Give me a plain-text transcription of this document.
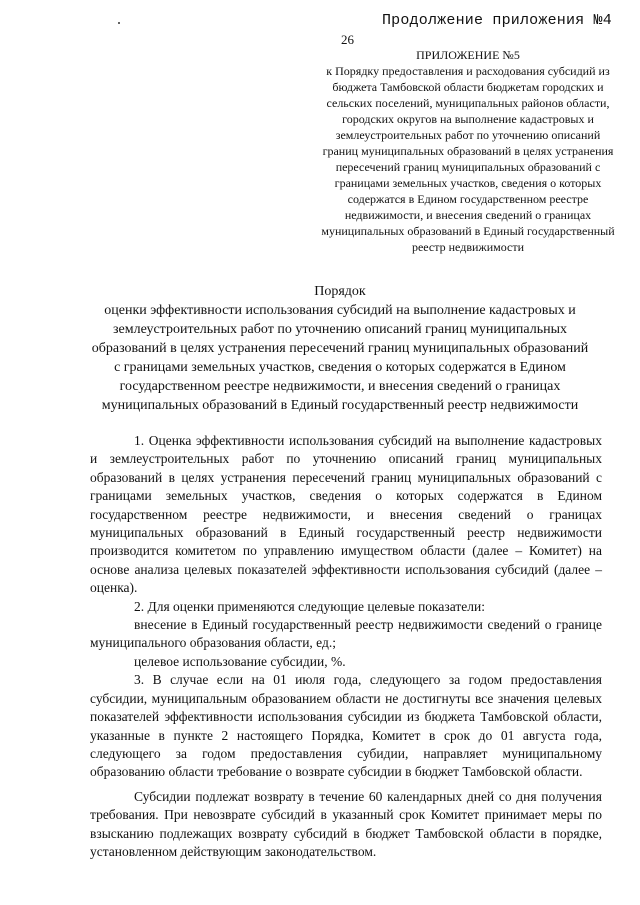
Продолжение приложения №4
26
ПРИЛОЖЕНИЕ №5
к Порядку предоставления и расходования субсидий из бюджета Тамбовской области бюджетам городских и сельских поселений, муниципальных районов области, городских округов на выполнение кадастровых и землеустроительных работ по уточнению описаний границ муниципальных образований в целях устранения пересечений границ муниципальных образований с границами земельных участков, сведения о которых содержатся в Едином государственном реестре недвижимости, и внесения сведений о границах муниципальных образований в Единый государственный реестр недвижимости
Порядок
оценки эффективности использования субсидий на выполнение кадастровых и землеустроительных работ по уточнению описаний границ муниципальных образований в целях устранения пересечений границ муниципальных образований с границами земельных участков, сведения о которых содержатся в Едином государственном реестре недвижимости, и внесения сведений о границах муниципальных образований в Единый государственный реестр недвижимости

1. Оценка эффективности использования субсидий на выполнение кадастровых и землеустроительных работ по уточнению описаний границ муниципальных образований в целях устранения пересечений границ муниципальных образований с границами земельных участков, сведения о которых содержатся в Едином государственном реестре недвижимости, и внесения сведений о границах муниципальных образований в Единый государственный реестр недвижимости производится комитетом по управлению имуществом области (далее – Комитет) на основе анализа целевых показателей эффективности использования субсидий (далее – оценка).

2. Для оценки применяются следующие целевые показатели:

внесение в Единый государственный реестр недвижимости сведений о границе муниципального образования области, ед.;

целевое использование субсидии, %.

3. В случае если на 01 июля года, следующего за годом предоставления субсидии, муниципальным образованием области не достигнуты все значения целевых показателей эффективности использования субсидии из бюджета Тамбовской области, указанные в пункте 2 настоящего Порядка, Комитет в срок до 01 августа года, следующего за годом предоставления субидии, направляет муниципальному образованию области требование о возврате субсидии в бюджет Тамбовской области.

Субсидии подлежат возврату в течение 60 календарных дней со дня получения требования. При невозврате субсидий в указанный срок Комитет принимает меры по взысканию подлежащих возврату субсидий в бюджет Тамбовской области в порядке, установленном действующим законодательством.
